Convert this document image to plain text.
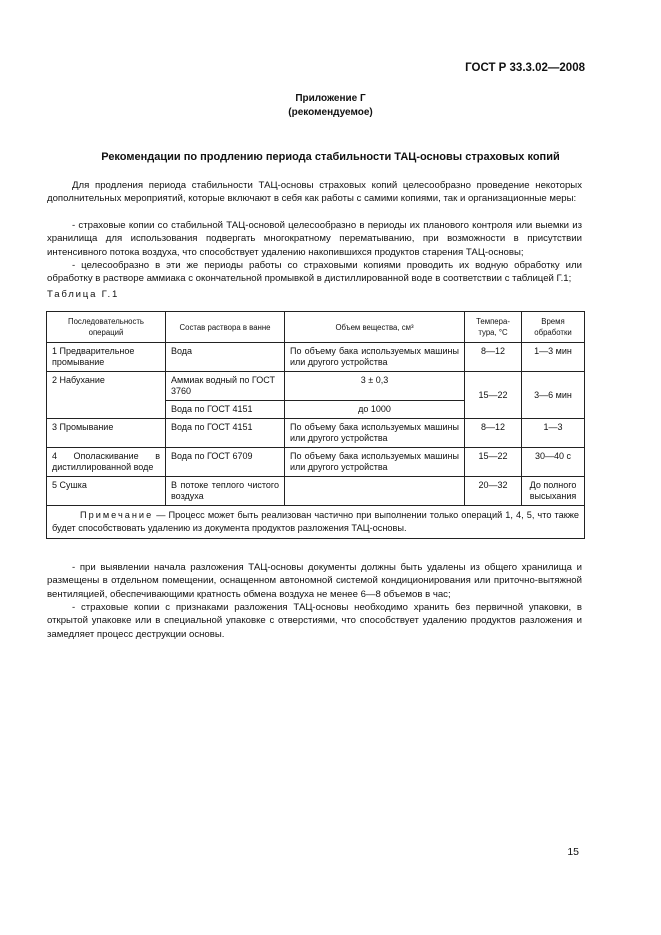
ГОСТ Р 33.3.02—2008
Приложение Г
(рекомендуемое)
Рекомендации по продлению периода стабильности ТАЦ-основы страховых копий

Для продления периода стабильности ТАЦ-основы страховых копий целесообразно проведение некоторых дополнительных мероприятий, которые включают в себя как работы с самими копиями, так и организационные меры:

- страховые копии со стабильной ТАЦ-основой целесообразно в периоды их планового контроля или выемки из хранилища для использования подвергать многократному перематыванию, при возможности в присутствии интенсивного потока воздуха, что способствует удалению накопившихся продуктов старения ТАЦ-основы;

- целесообразно в эти же периоды работы со страховыми копиями проводить их водную обработку или обработку в растворе аммиака с окончательной промывкой в дистиллированной воде в соответствии с таблицей Г.1;

Таблица Г.1
Последовательность операций	Состав раствора в ванне	Объем вещества, см³	Темпера-тура, °С	Время обработки
1 Предварительное промывание	Вода	По объему бака используемых машины или другого устройства	8—12	1—3 мин
2 Набухание	Аммиак водный по ГОСТ 3760	3 ± 0,3	15—22	3—6 мин
	Вода по ГОСТ 4151	до 1000		
3 Промывание	Вода по ГОСТ 4151	По объему бака используемых машины или другого устройства	8—12	1—3
4 Ополаскивание в дистиллированной воде	Вода по ГОСТ 6709	По объему бака используемых машины или другого устройства	15—22	30—40 с
5 Сушка	В потоке теплого чистого воздуха		20—32	До полного высыхания
Примечание — Процесс может быть реализован частично при выполнении только операций 1, 4, 5, что также будет способствовать удалению из документа продуктов разложения ТАЦ-основы.				

- при выявлении начала разложения ТАЦ-основы документы должны быть удалены из общего хранилища и размещены в отдельном помещении, оснащенном автономной системой кондиционирования или приточно-вытяжной вентиляцией, обеспечивающими кратность обмена воздуха не менее 6—8 объемов в час;

- страховые копии с признаками разложения ТАЦ-основы необходимо хранить без первичной упаковки, в открытой упаковке или в специальной упаковке с отверстиями, что способствует удалению продуктов разложения и замедляет процесс деструкции основы.

15
